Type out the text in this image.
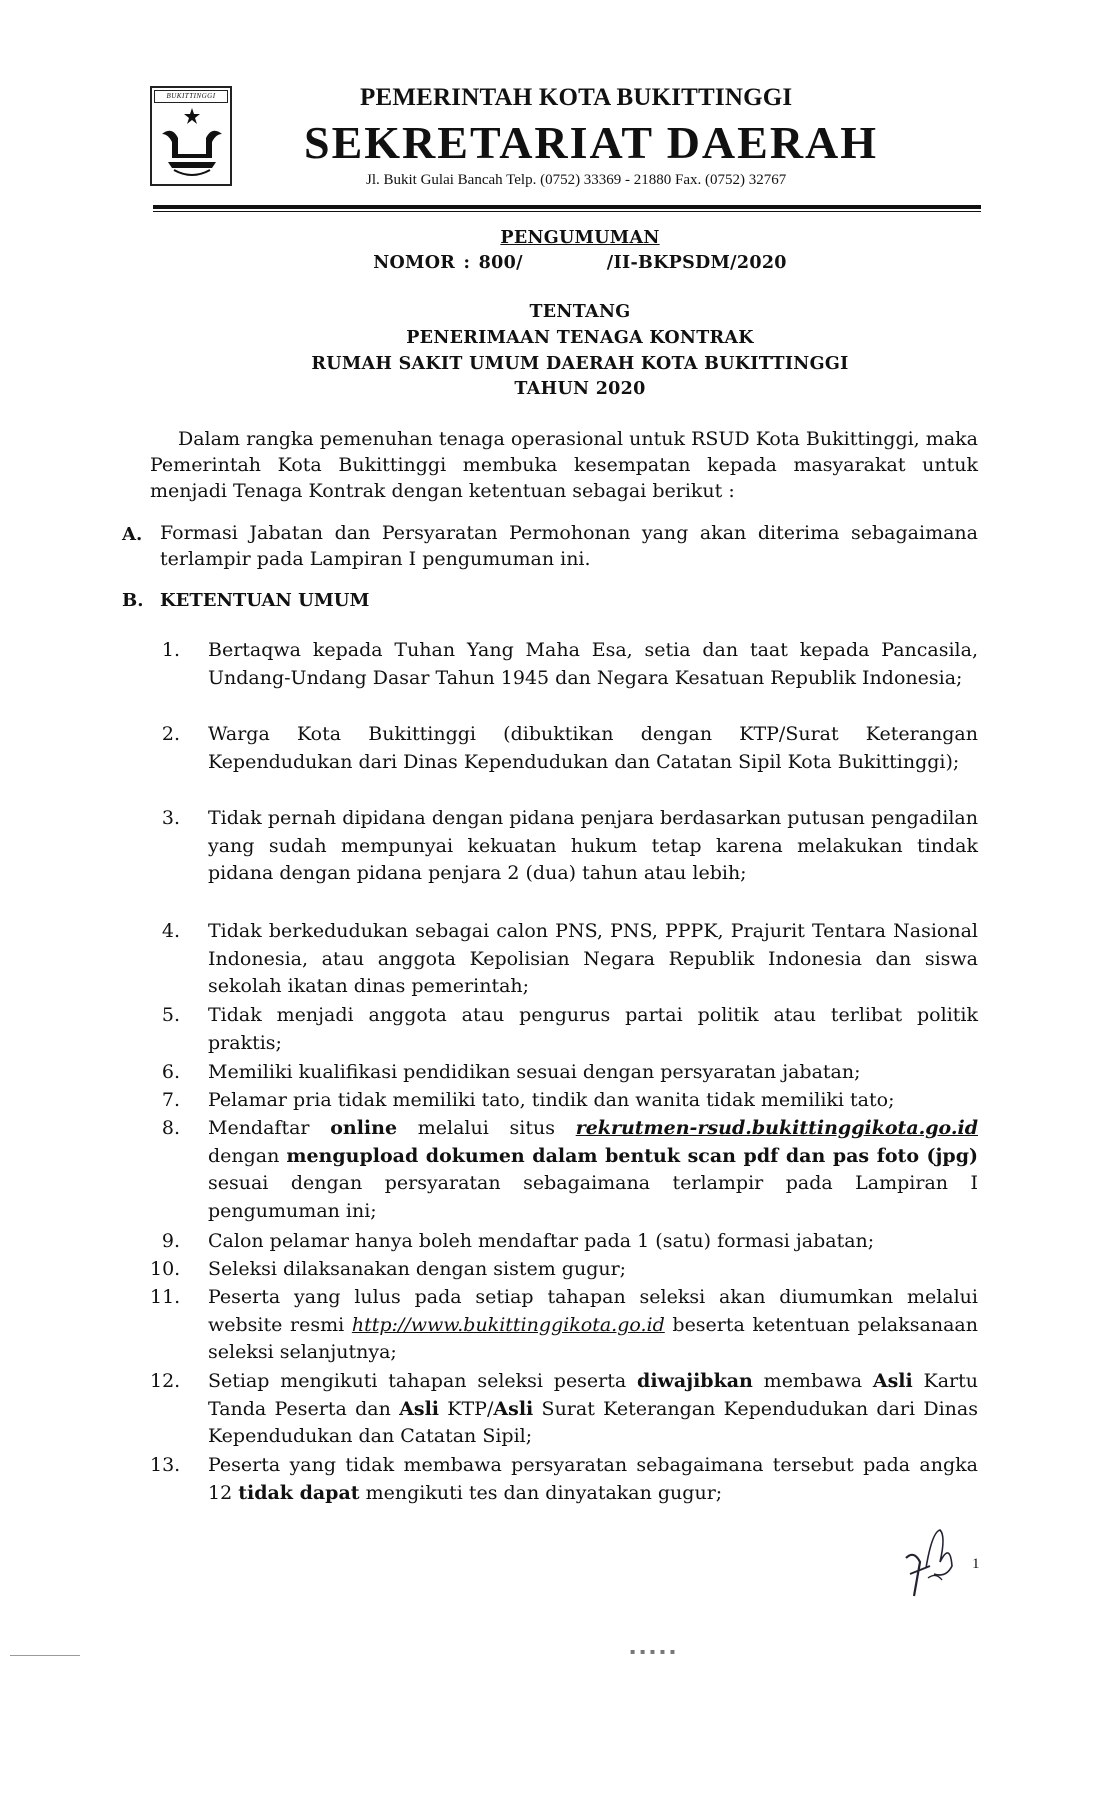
BUKITTINGGI	PEMERINTAH KOTA BUKITTINGGI
SEKRETARIAT DAERAH
Jl. Bukit Gulai Bancah Telp. (0752) 33369 - 21880 Fax. (0752) 32767
PENGUMUMAN
NOMOR : 800/	/II-BKPSDM/2020
TENTANG
PENERIMAAN TENAGA KONTRAK
RUMAH SAKIT UMUM DAERAH KOTA BUKITTINGGI
TAHUN 2020
Dalam rangka pemenuhan tenaga operasional untuk RSUD Kota Bukittinggi, maka Pemerintah Kota Bukittinggi membuka kesempatan kepada masyarakat untuk menjadi Tenaga Kontrak dengan ketentuan sebagai berikut :
A. Formasi Jabatan dan Persyaratan Permohonan yang akan diterima sebagaimana terlampir pada Lampiran I pengumuman ini.
B. KETENTUAN UMUM
1. Bertaqwa kepada Tuhan Yang Maha Esa, setia dan taat kepada Pancasila, Undang-Undang Dasar Tahun 1945 dan Negara Kesatuan Republik Indonesia;
2. Warga Kota Bukittinggi (dibuktikan dengan KTP/Surat Keterangan Kependudukan dari Dinas Kependudukan dan Catatan Sipil Kota Bukittinggi);
3. Tidak pernah dipidana dengan pidana penjara berdasarkan putusan pengadilan yang sudah mempunyai kekuatan hukum tetap karena melakukan tindak pidana dengan pidana penjara 2 (dua) tahun atau lebih;
4. Tidak berkedudukan sebagai calon PNS, PNS, PPPK, Prajurit Tentara Nasional Indonesia, atau anggota Kepolisian Negara Republik Indonesia dan siswa sekolah ikatan dinas pemerintah;
5. Tidak menjadi anggota atau pengurus partai politik atau terlibat politik praktis;
6. Memiliki kualifikasi pendidikan sesuai dengan persyaratan jabatan;
7. Pelamar pria tidak memiliki tato, tindik dan wanita tidak memiliki tato;
8. Mendaftar online melalui situs rekrutmen-rsud.bukittinggikota.go.id dengan mengupload dokumen dalam bentuk scan pdf dan pas foto (jpg) sesuai dengan persyaratan sebagaimana terlampir pada Lampiran I pengumuman ini;
9. Calon pelamar hanya boleh mendaftar pada 1 (satu) formasi jabatan;
10. Seleksi dilaksanakan dengan sistem gugur;
11. Peserta yang lulus pada setiap tahapan seleksi akan diumumkan melalui website resmi http://www.bukittinggikota.go.id beserta ketentuan pelaksanaan seleksi selanjutnya;
12. Setiap mengikuti tahapan seleksi peserta diwajibkan membawa Asli Kartu Tanda Peserta dan Asli KTP/Asli Surat Keterangan Kependudukan dari Dinas Kependudukan dan Catatan Sipil;
13. Peserta yang tidak membawa persyaratan sebagaimana tersebut pada angka 12 tidak dapat mengikuti tes dan dinyatakan gugur;
1
▪ ▪ ▪ ▪ ▪
